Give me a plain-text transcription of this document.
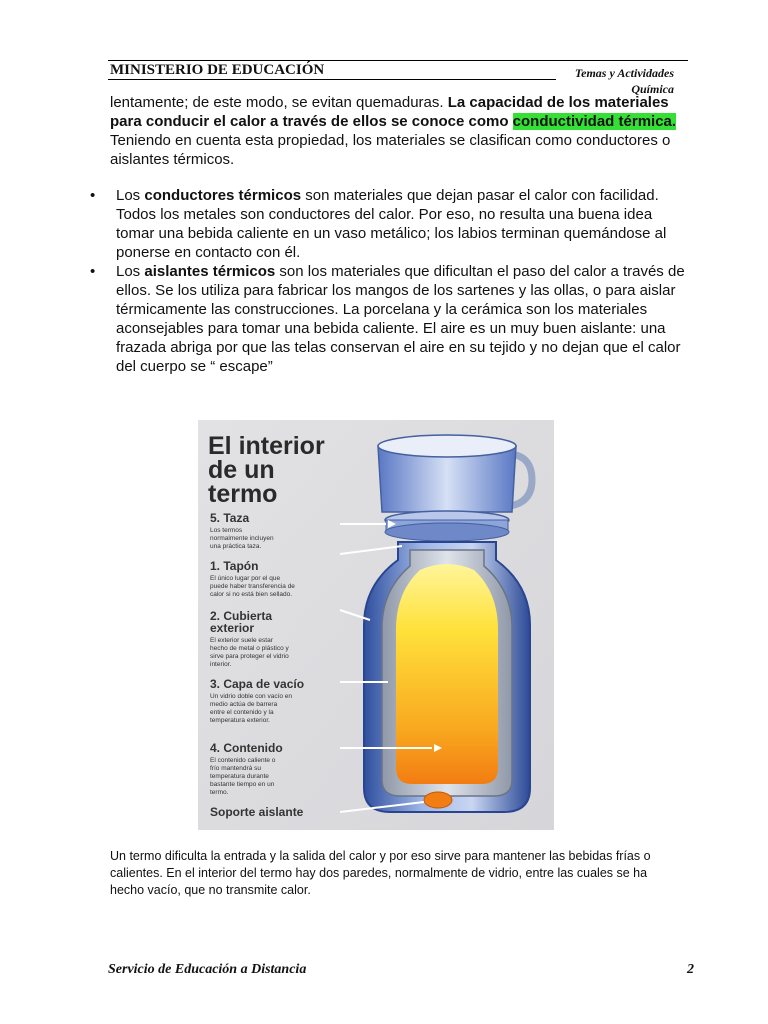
MINISTERIO DE EDUCACIÓN	Temas y Actividades
Química
lentamente; de este modo, se evitan quemaduras. La capacidad de los materiales para conducir el calor a través de ellos se conoce como conductividad térmica. Teniendo en cuenta esta propiedad, los materiales se clasifican como conductores o aislantes térmicos.
• Los conductores térmicos son materiales que dejan pasar el calor con facilidad. Todos los metales son conductores del calor. Por eso, no resulta una buena idea tomar una bebida caliente en un vaso metálico; los labios terminan quemándose al ponerse en contacto con él.
• Los aislantes térmicos son los materiales que dificultan el paso del calor a través de ellos. Se los utiliza para fabricar los mangos de los sartenes y las ollas, o para aislar térmicamente las construcciones. La porcelana y la cerámica son los materiales aconsejables para tomar una bebida caliente. El aire es un muy buen aislante: una frazada abriga por que las telas conservan el aire en su tejido y no dejan que el calor del cuerpo se “ escape”
El interior
de un
termo
5. Taza
Los termos
normalmente incluyen
una práctica taza.
1. Tapón
El único lugar por el que
puede haber transferencia de
calor si no está bien sellado.
2. Cubierta
exterior
El exterior suele estar
hecho de metal o plástico y
sirve para proteger el vidrio
interior.
3. Capa de vacío
Un vidrio doble con vacío en
medio actúa de barrera
entre el contenido y la
temperatura exterior.
4. Contenido
El contenido caliente o
frío mantendrá su
temperatura durante
bastante tiempo en un
termo.
Soporte aislante
Un termo dificulta la entrada y la salida del calor y por eso sirve para mantener las bebidas frías o calientes. En el interior del termo hay dos paredes, normalmente de vidrio, entre las cuales se ha hecho vacío, que no transmite calor.
Servicio de Educación a Distancia	2
